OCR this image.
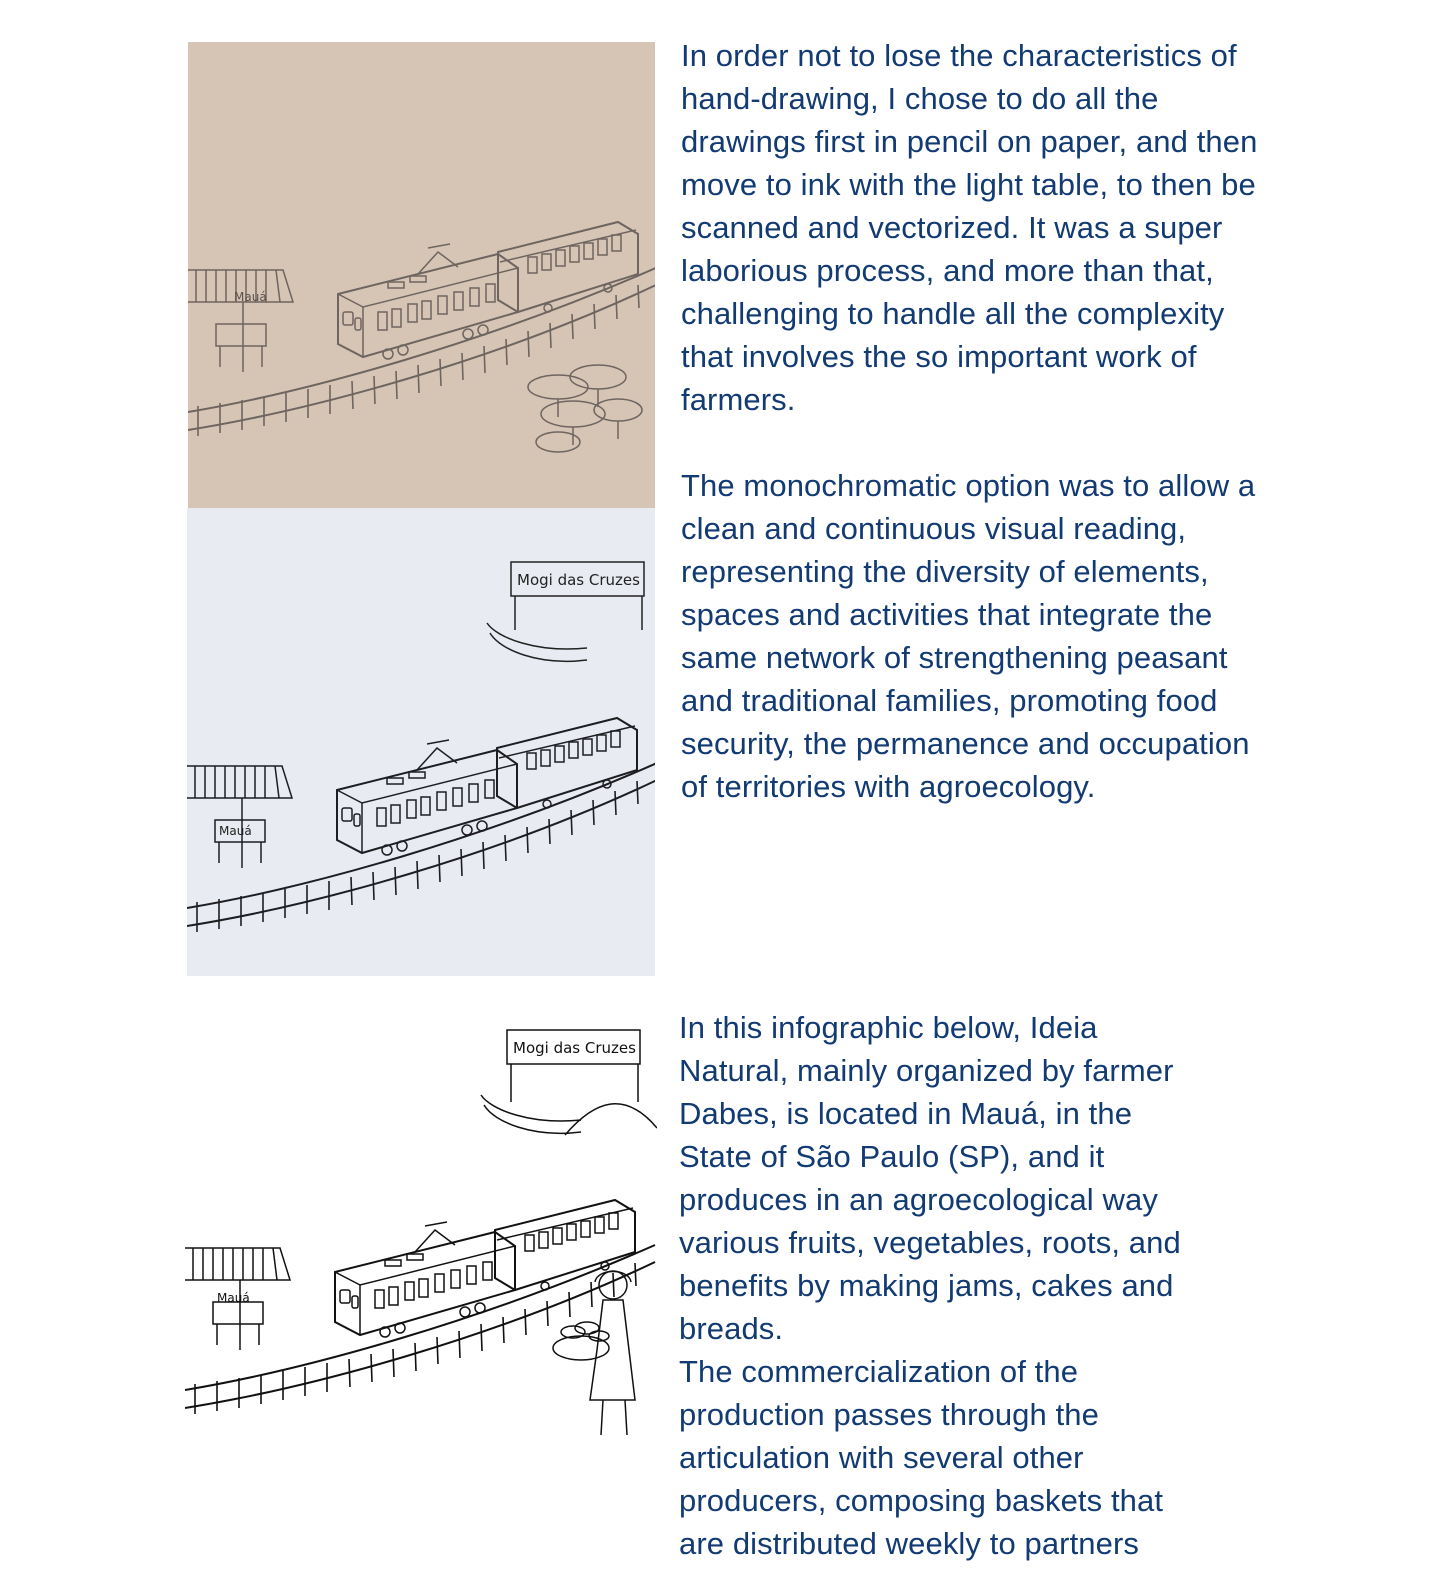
Mauá
Mauá
Mogi das Cruzes
Mauá
Mogi das Cruzes

In order not to lose the characteristics of hand-drawing, I chose to do all the drawings first in pencil on paper, and then move to ink with the light table, to then be scanned and vectorized. It was a super laborious process, and more than that, challenging to handle all the complexity that involves the so important work of farmers.

The monochromatic option was to allow a clean and continuous visual reading, representing the diversity of elements, spaces and activities that integrate the same network of strengthening peasant and traditional families, promoting food security, the permanence and occupation of territories with agroecology.

In this infographic below, Ideia Natural, mainly organized by farmer Dabes, is located in Mauá, in the State of São Paulo (SP), and it produces in an agroecological way various fruits, vegetables, roots, and benefits by making jams, cakes and breads.

The commercialization of the production passes through the articulation with several other producers, composing baskets that are distributed weekly to partners
